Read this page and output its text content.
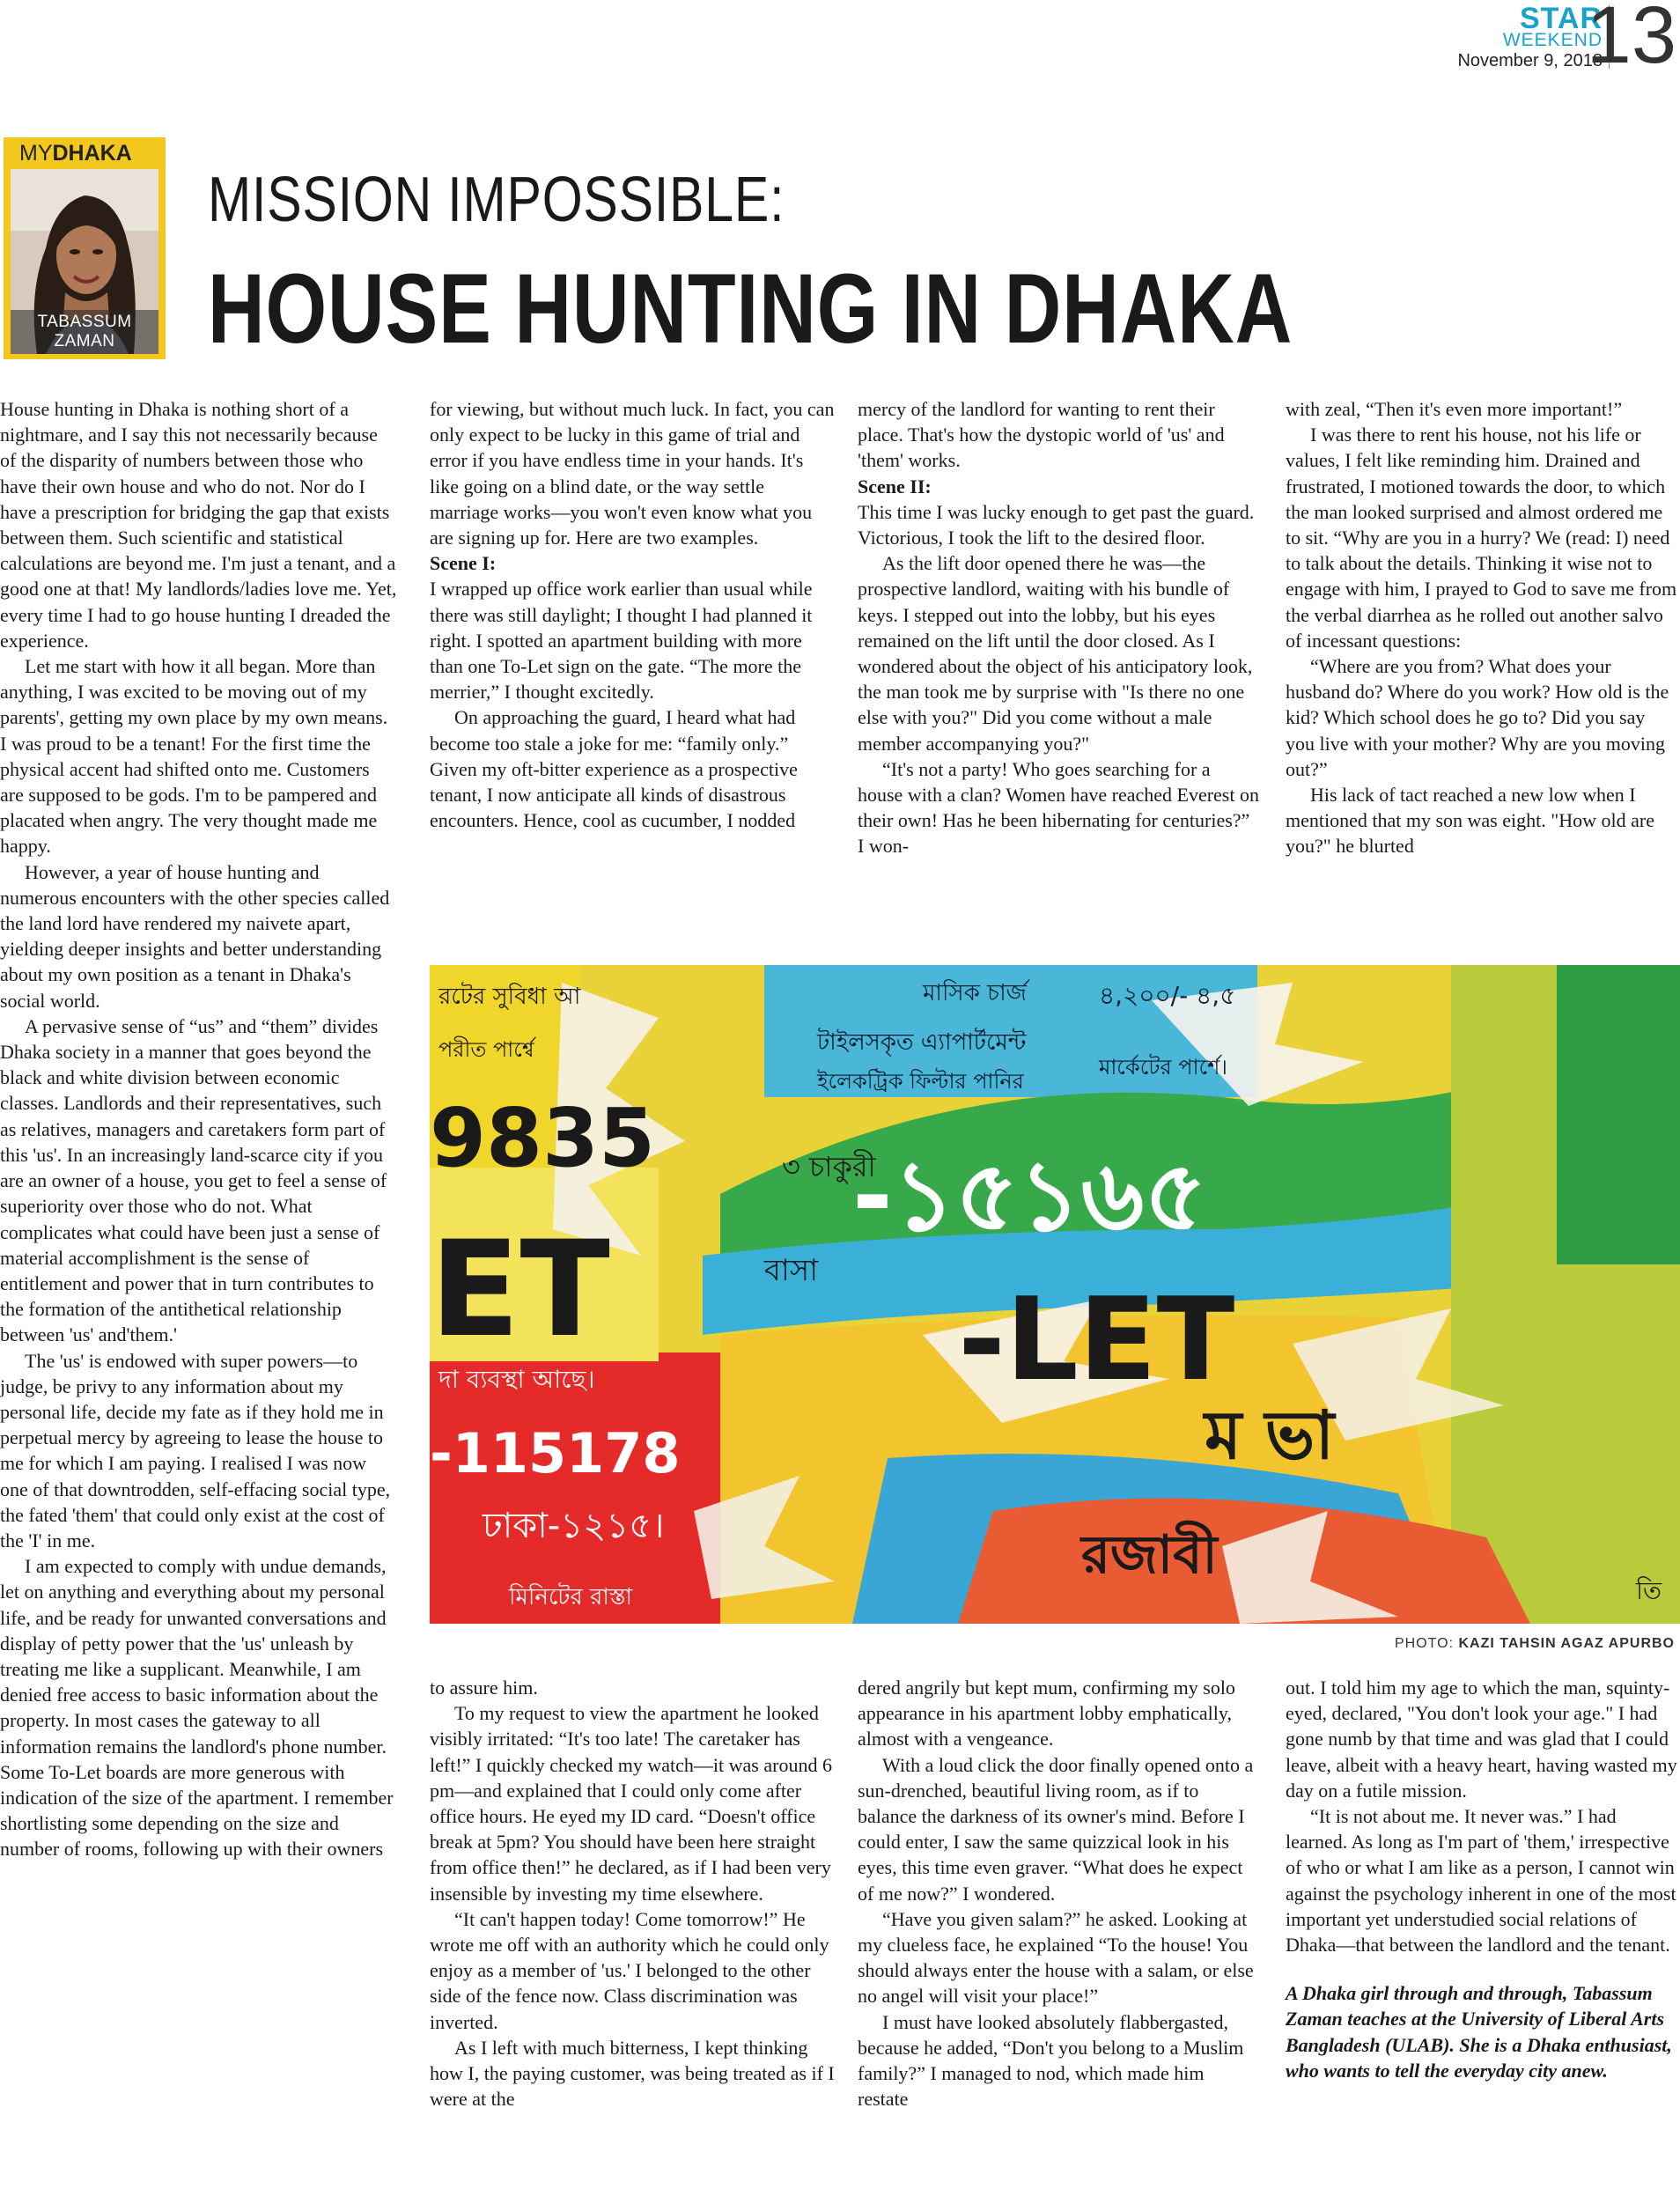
STAR
WEEKEND
November 9, 2018
13
MYDHAKA
TABASSUM ZAMAN
MISSION IMPOSSIBLE:
HOUSE HUNTING IN DHAKA

House hunting in Dhaka is nothing short of a nightmare, and I say this not necessarily because of the disparity of numbers between those who have their own house and who do not. Nor do I have a prescription for bridging the gap that exists between them. Such scientific and statistical calculations are beyond me. I'm just a tenant, and a good one at that! My landlords/ladies love me. Yet, every time I had to go house hunting I dreaded the experience.

Let me start with how it all began. More than anything, I was excited to be moving out of my parents', getting my own place by my own means. I was proud to be a tenant! For the first time the physical accent had shifted onto me. Customers are supposed to be gods. I'm to be pampered and placated when angry. The very thought made me happy.

However, a year of house hunting and numerous encounters with the other species called the land lord have rendered my naivete apart, yielding deeper insights and better understanding about my own position as a tenant in Dhaka's social world.

A pervasive sense of “us” and “them” divides Dhaka society in a manner that goes beyond the black and white division between economic classes. Landlords and their representatives, such as relatives, managers and caretakers form part of this 'us'. In an increasingly land-scarce city if you are an owner of a house, you get to feel a sense of superiority over those who do not. What complicates what could have been just a sense of material accomplishment is the sense of entitlement and power that in turn contributes to the formation of the antithetical relationship between 'us' and'them.'

The 'us' is endowed with super powers—to judge, be privy to any information about my personal life, decide my fate as if they hold me in perpetual mercy by agreeing to lease the house to me for which I am paying. I realised I was now one of that downtrodden, self-effacing social type, the fated 'them' that could only exist at the cost of the 'I' in me.

I am expected to comply with undue demands, let on anything and everything about my personal life, and be ready for unwanted conversations and display of petty power that the 'us' unleash by treating me like a supplicant. Meanwhile, I am denied free access to basic information about the property. In most cases the gateway to all information remains the landlord's phone number. Some To-Let boards are more generous with indication of the size of the apartment. I remember shortlisting some depending on the size and number of rooms, following up with their owners

for viewing, but without much luck. In fact, you can only expect to be lucky in this game of trial and error if you have endless time in your hands. It's like going on a blind date, or the way settle marriage works—you won't even know what you are signing up for. Here are two examples.

Scene I:

I wrapped up office work earlier than usual while there was still daylight; I thought I had planned it right. I spotted an apartment building with more than one To-Let sign on the gate. “The more the merrier,” I thought excitedly.

On approaching the guard, I heard what had become too stale a joke for me: “family only.” Given my oft-bitter experience as a prospective tenant, I now anticipate all kinds of disastrous encounters. Hence, cool as cucumber, I nodded

mercy of the landlord for wanting to rent their place. That's how the dystopic world of 'us' and 'them' works.

Scene II:

This time I was lucky enough to get past the guard. Victorious, I took the lift to the desired floor.

As the lift door opened there he was—the prospective landlord, waiting with his bundle of keys. I stepped out into the lobby, but his eyes remained on the lift until the door closed. As I wondered about the object of his anticipatory look, the man took me by surprise with "Is there no one else with you?" Did you come without a male member accompanying you?"

“It's not a party! Who goes searching for a house with a clan? Women have reached Everest on their own! Has he been hibernating for centuries?” I won-

with zeal, “Then it's even more important!”

I was there to rent his house, not his life or values, I felt like reminding him. Drained and frustrated, I motioned towards the door, to which the man looked surprised and almost ordered me to sit. “Why are you in a hurry? We (read: I) need to talk about the details. Thinking it wise not to engage with him, I prayed to God to save me from the verbal diarrhea as he rolled out another salvo of incessant questions:

“Where are you from? What does your husband do? Where do you work? How old is the kid? Which school does he go to? Did you say you live with your mother? Why are you moving out?”

His lack of tact reached a new low when I mentioned that my son was eight. "How old are you?" he blurted

মাসিক চার্জ	৪,২০০/- ৪,৫
টাইলসকৃত এ্যাপার্টমেন্ট
ইলেকট্রিক ফিল্টার পানির
মার্কেটের পার্শে।
রটের সুবিধা আ
পরীত পার্শ্বে
9835
ET
দা ব্যবস্থা আছে।
-115178
ঢাকা-১২১৫।
মিনিটের রাস্তা
-১৫১৬৫
-LET
ম ভা
রজাবী
বাসা
৩ চাকুরী
তি
PHOTO: KAZI TAHSIN AGAZ APURBO

to assure him.

To my request to view the apartment he looked visibly irritated: “It's too late! The caretaker has left!” I quickly checked my watch—it was around 6 pm—and explained that I could only come after office hours. He eyed my ID card. “Doesn't office break at 5pm? You should have been here straight from office then!” he declared, as if I had been very insensible by investing my time elsewhere.

“It can't happen today! Come tomorrow!” He wrote me off with an authority which he could only enjoy as a member of 'us.' I belonged to the other side of the fence now. Class discrimination was inverted.

As I left with much bitterness, I kept thinking how I, the paying customer, was being treated as if I were at the

dered angrily but kept mum, confirming my solo appearance in his apartment lobby emphatically, almost with a vengeance.

With a loud click the door finally opened onto a sun-drenched, beautiful living room, as if to balance the darkness of its owner's mind. Before I could enter, I saw the same quizzical look in his eyes, this time even graver. “What does he expect of me now?” I wondered.

“Have you given salam?” he asked. Looking at my clueless face, he explained “To the house! You should always enter the house with a salam, or else no angel will visit your place!”

I must have looked absolutely flabbergasted, because he added, “Don't you belong to a Muslim family?” I managed to nod, which made him restate

out. I told him my age to which the man, squinty-eyed, declared, "You don't look your age." I had gone numb by that time and was glad that I could leave, albeit with a heavy heart, having wasted my day on a futile mission.

“It is not about me. It never was.” I had learned. As long as I'm part of 'them,' irrespective of who or what I am like as a person, I cannot win against the psychology inherent in one of the most important yet understudied social relations of Dhaka—that between the landlord and the tenant.

A Dhaka girl through and through, Tabassum Zaman teaches at the University of Liberal Arts Bangladesh (ULAB). She is a Dhaka enthusiast, who wants to tell the everyday city anew.
